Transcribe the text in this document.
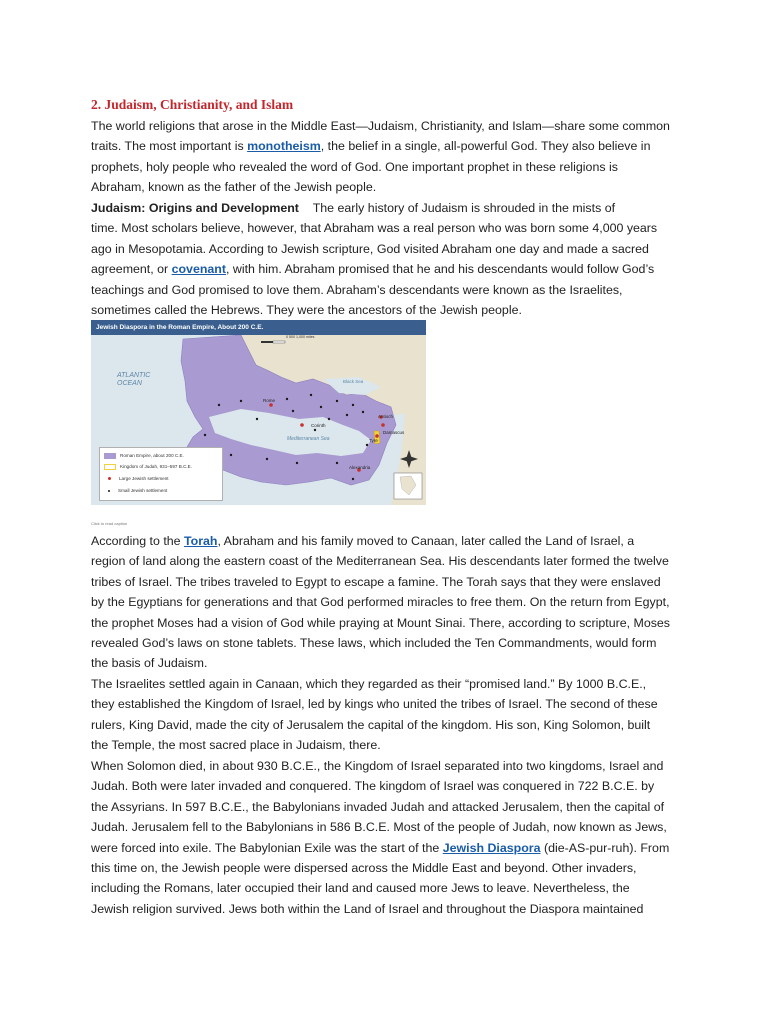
2. Judaism, Christianity, and Islam

The world religions that arose in the Middle East—Judaism, Christianity, and Islam—share some common
traits. The most important is monotheism, the belief in a single, all-powerful God. They also believe in
prophets, holy people who revealed the word of God. One important prophet in these religions is
Abraham, known as the father of the Jewish people.

Judaism: Origins and Development The early history of Judaism is shrouded in the mists of
time. Most scholars believe, however, that Abraham was a real person who was born some 4,000 years
ago in Mesopotamia. According to Jewish scripture, God visited Abraham one day and made a sacred
agreement, or covenant, with him. Abraham promised that he and his descendants would follow God’s
teachings and God promised to love them. Abraham’s descendants were known as the Israelites,
sometimes called the Hebrews. They were the ancestors of the Jewish people.

Jewish Diaspora in the Roman Empire, About 200 C.E.
0 500 1,000 miles
ATLANTIC OCEAN
Mediterranean Sea
Black Sea
Rome
Corinth
Alexandria
Antioch
Damascus
Tyre
Roman Empire, about 200 C.E.
Kingdom of Judah, 931–597 B.C.E.
Large Jewish settlement
Small Jewish settlement
Click to read caption

According to the Torah, Abraham and his family moved to Canaan, later called the Land of Israel, a
region of land along the eastern coast of the Mediterranean Sea. His descendants later formed the twelve
tribes of Israel. The tribes traveled to Egypt to escape a famine. The Torah says that they were enslaved
by the Egyptians for generations and that God performed miracles to free them. On the return from Egypt,
the prophet Moses had a vision of God while praying at Mount Sinai. There, according to scripture, Moses
revealed God’s laws on stone tablets. These laws, which included the Ten Commandments, would form
the basis of Judaism.

The Israelites settled again in Canaan, which they regarded as their “promised land.” By 1000 B.C.E.,
they established the Kingdom of Israel, led by kings who united the tribes of Israel. The second of these
rulers, King David, made the city of Jerusalem the capital of the kingdom. His son, King Solomon, built
the Temple, the most sacred place in Judaism, there.

When Solomon died, in about 930 B.C.E., the Kingdom of Israel separated into two kingdoms, Israel and
Judah. Both were later invaded and conquered. The kingdom of Israel was conquered in 722 B.C.E. by
the Assyrians. In 597 B.C.E., the Babylonians invaded Judah and attacked Jerusalem, then the capital of
Judah. Jerusalem fell to the Babylonians in 586 B.C.E. Most of the people of Judah, now known as Jews,
were forced into exile. The Babylonian Exile was the start of the Jewish Diaspora (die-AS-pur-ruh). From
this time on, the Jewish people were dispersed across the Middle East and beyond. Other invaders,
including the Romans, later occupied their land and caused more Jews to leave. Nevertheless, the
Jewish religion survived. Jews both within the Land of Israel and throughout the Diaspora maintained
